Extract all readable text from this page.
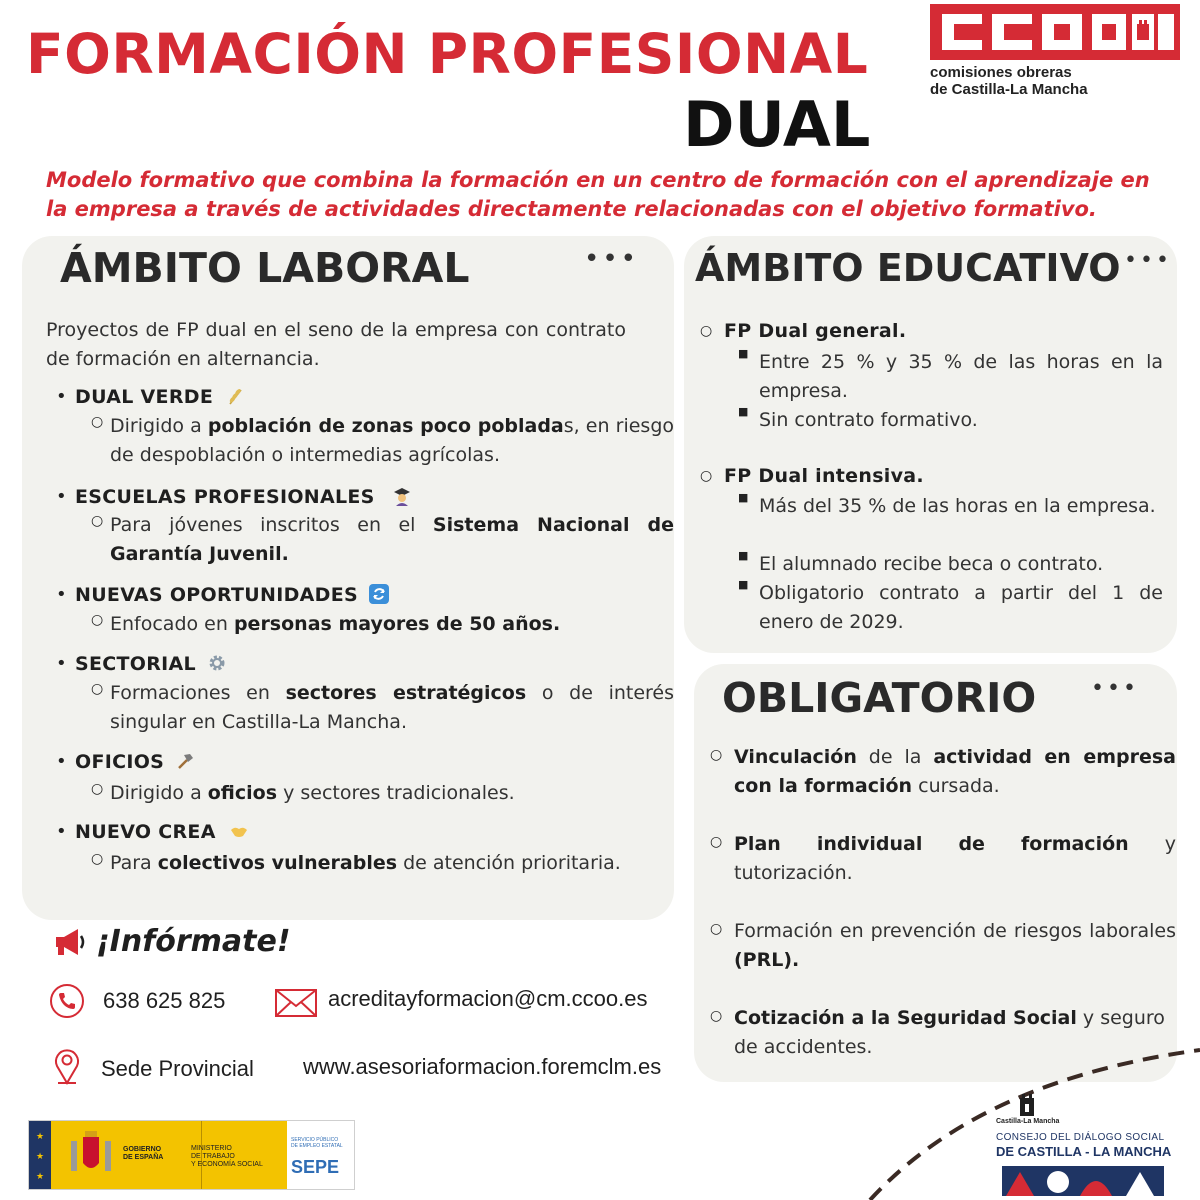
FORMACIÓN PROFESIONAL
DUAL
comisiones obreras
de Castilla-La Mancha
Modelo formativo que combina la formación en un centro de formación con el aprendizaje en la empresa a través de actividades directamente relacionadas con el objetivo formativo.
ÁMBITO LABORAL	•••
Proyectos de FP dual en el seno de la empresa con contrato de formación en alternancia.
• DUAL VERDE
○ Dirigido a población de zonas poco pobladas, en riesgo de despoblación o intermedias agrícolas.
• ESCUELAS PROFESIONALES
○ Para jóvenes inscritos en el Sistema Nacional de Garantía Juvenil.
• NUEVAS OPORTUNIDADES
○ Enfocado en personas mayores de 50 años.
• SECTORIAL
○ Formaciones en sectores estratégicos o de interés singular en Castilla-La Mancha.
• OFICIOS
○ Dirigido a oficios y sectores tradicionales.
• NUEVO CREA
○ Para colectivos vulnerables de atención prioritaria.
ÁMBITO EDUCATIVO •••
○ FP Dual general.
■ Entre 25 % y 35 % de las horas en la empresa.
■ Sin contrato formativo.
○ FP Dual intensiva.
■ Más del 35 % de las horas en la empresa.
■ El alumnado recibe beca o contrato.
■ Obligatorio contrato a partir del 1 de enero de 2029.
OBLIGATORIO •••
○ Vinculación de la actividad en empresa con la formación cursada.
○ Plan individual de formación y
tutorización.
○ Formación en prevención de riesgos laborales (PRL).
○ Cotización a la Seguridad Social y seguro de accidentes.
¡Infórmate!
638 625 825	acreditayformacion@cm.ccoo.es
Sede Provincial www.asesoriaformacion.foremclm.es
★
★
★
GOBIERNO
DE ESPAÑA
MINISTERIO
DE TRABAJO
Y ECONOMÍA SOCIAL
SERVICIO PÚBLICO
DE EMPLEO ESTATAL
SEPE
Castilla-La Mancha
CONSEJO DEL DIÁLOGO SOCIAL
DE CASTILLA - LA MANCHA
